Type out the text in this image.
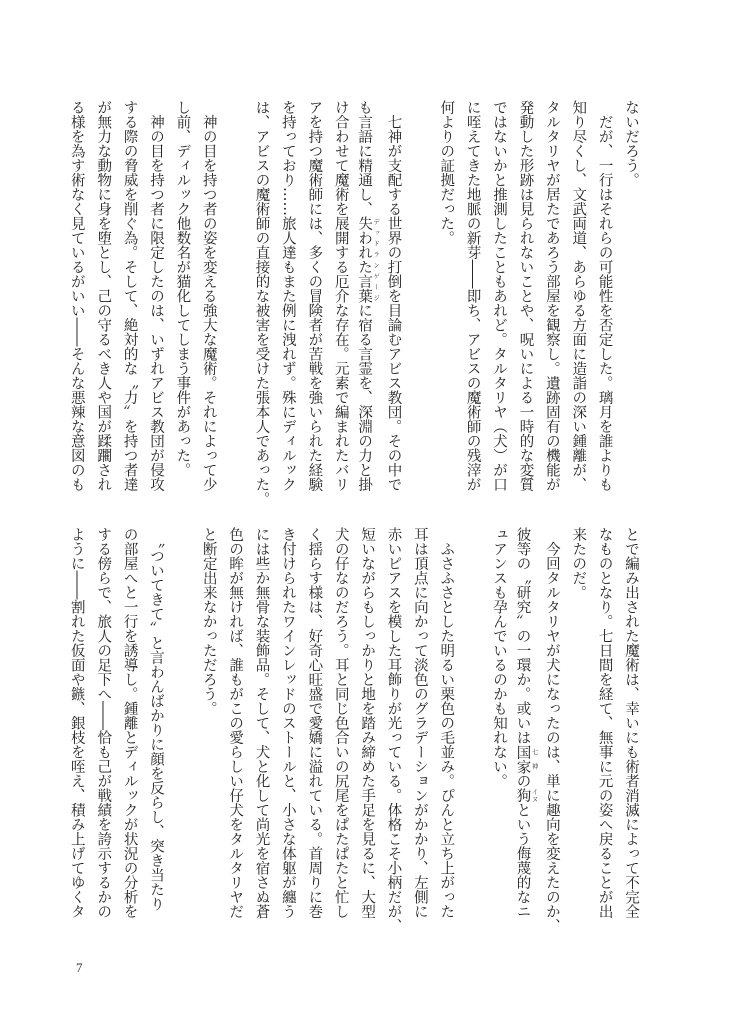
ないだろう。
　だが、一行はそれらの可能性を否定した。璃月を誰よりも
知り尽くし、文武両道、あらゆる方面に造詣の深い鍾離が、
タルタリヤが居たであろう部屋を観察し。遺跡固有の機能が
発動した形跡は見られないことや、呪いによる一時的な変質
ではないかと推測したこともあれど。タルタリヤ（犬）が口
に咥えてきた地脈の新芽――即ち、アビスの魔術師の残滓が
何よりの証拠だった。

　七神が支配する世界の打倒を目論むアビス教団。その中で
も言語に精通し、失われた言葉 デッドランゲージに宿る言霊を、深淵の力と掛
け合わせて魔術を展開する厄介な存在。元素で編まれたバリ
アを持つ魔術師には、多くの冒険者が苦戦を強いられた経験
を持っており……旅人達もまた例に洩れず。殊にディルック
は、アビスの魔術師の直接的な被害を受けた張本人であった。

　神の目を持つ者の姿を変える強大な魔術。それによって少
し前、ディルック他数名が猫化してしまう事件があった。
　神の目を持つ者に限定したのは、いずれアビス教団が侵攻
する際の脅威を削ぐ為。そして、絶対的な〝力〟を持つ者達
が無力な動物に身を堕とし、己の守るべき人や国が蹂躙され
る様を為す術なく見ているがいい――そんな悪辣な意図のも
とで編み出された魔術は、幸いにも術者消滅によって不完全
なものとなり。七日間を経て、無事に元の姿へ戻ることが出
来たのだ。
　今回タルタリヤが犬になったのは、単に趣向を変えたのか、
彼等の〝研究〟の一環か。或いは国家 七神の狗 イヌという侮蔑的なニ
ュアンスも孕んでいるのかも知れない。

　ふさふさとした明るい栗色の毛並み。ぴんと立ち上がった
耳は頂点に向かって淡色のグラデーションがかかり、左側に
赤いピアスを模した耳飾りが光っている。体格こそ小柄だが、
短いながらもしっかりと地を踏み締めた手足を見るに、大型
犬の仔なのだろう。耳と同じ色合いの尻尾をぱたぱたと忙し
く揺らす様は、好奇心旺盛で愛嬌に溢れている。首周りに巻
き付けられたワインレッドのストールと、小さな体躯が纏う
には些か無骨な装飾品。そして、犬と化して尚光を宿さぬ蒼
色の眸が無ければ、誰もがこの愛らしい仔犬をタルタリヤだ
と断定出来なかっただろう。

　〝ついてきて〟と言わんばかりに顔を反らし、突き当たり
の部屋へと一行を誘導し。鍾離とディルックが状況の分析を
する傍らで、旅人の足下へ――恰も己が戦績を誇示するかの
ように――割れた仮面や鏃、銀枝を咥え、積み上げてゆくタ
7
